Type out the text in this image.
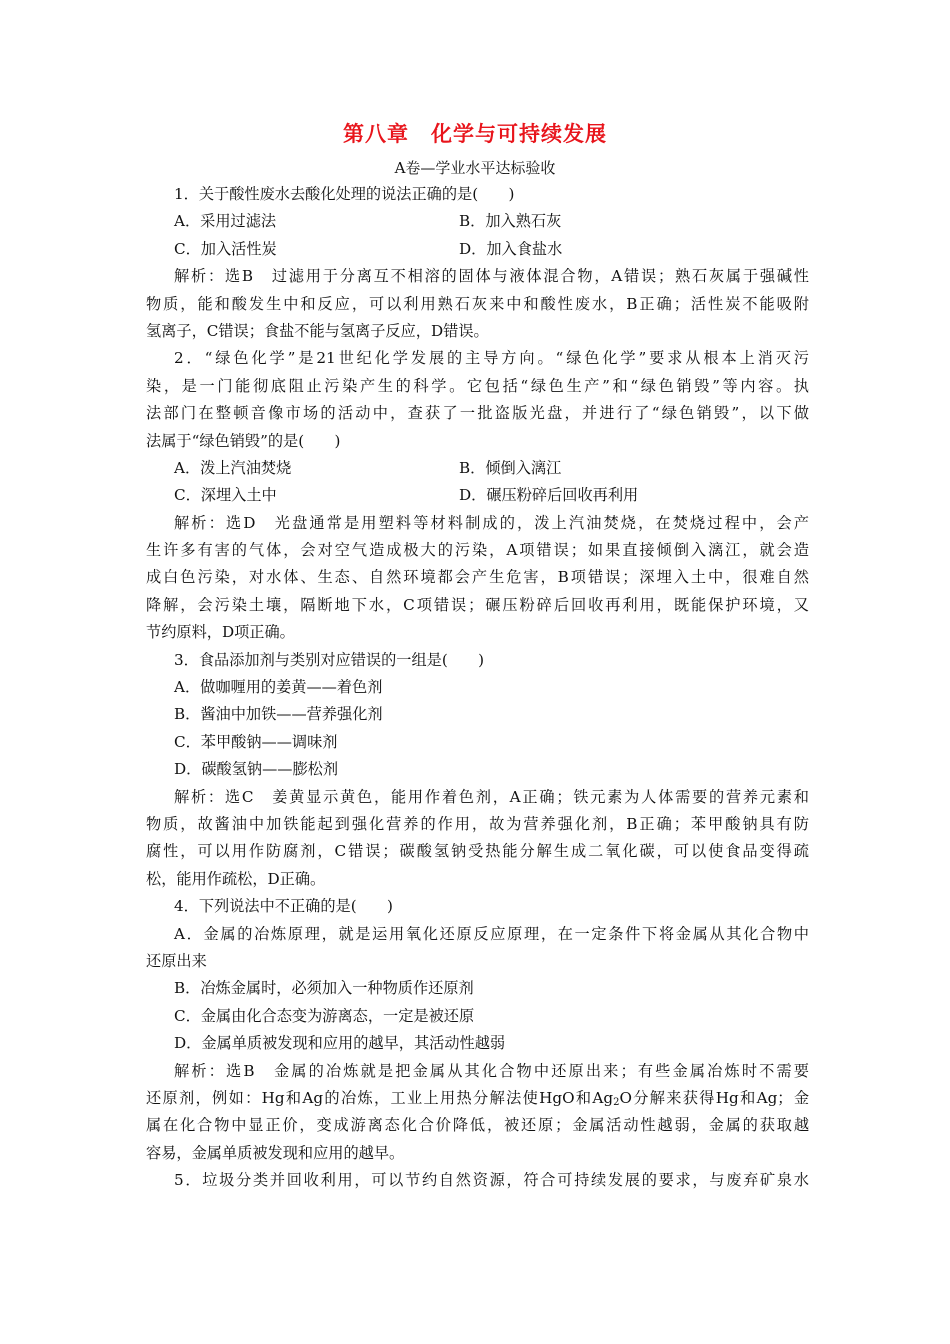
第八章　化学与可持续发展
A卷—学业水平达标验收
1．关于酸性废水去酸化处理的说法正确的是(　　)
A．采用过滤法	B．加入熟石灰
C．加入活性炭	D．加入食盐水
解析：选B　过滤用于分离互不相溶的固体与液体混合物，A错误；熟石灰属于强碱性
物质，能和酸发生中和反应，可以利用熟石灰来中和酸性废水，B正确；活性炭不能吸附
氢离子，C错误；食盐不能与氢离子反应，D错误。
2．“绿色化学”是21世纪化学发展的主导方向。“绿色化学”要求从根本上消灭污
染，是一门能彻底阻止污染产生的科学。它包括“绿色生产”和“绿色销毁”等内容。执
法部门在整顿音像市场的活动中，查获了一批盗版光盘，并进行了“绿色销毁”，以下做
法属于“绿色销毁”的是(　　)
A．泼上汽油焚烧	B．倾倒入漓江
C．深埋入土中	D．碾压粉碎后回收再利用
解析：选D　光盘通常是用塑料等材料制成的，泼上汽油焚烧，在焚烧过程中，会产
生许多有害的气体，会对空气造成极大的污染，A项错误；如果直接倾倒入漓江，就会造
成白色污染，对水体、生态、自然环境都会产生危害，B项错误；深埋入土中，很难自然
降解，会污染土壤，隔断地下水，C项错误；碾压粉碎后回收再利用，既能保护环境，又
节约原料，D项正确。
3．食品添加剂与类别对应错误的一组是(　　)
A．做咖喱用的姜黄——着色剂
B．酱油中加铁——营养强化剂
C．苯甲酸钠——调味剂
D．碳酸氢钠——膨松剂
解析：选C　姜黄显示黄色，能用作着色剂，A正确；铁元素为人体需要的营养元素和
物质，故酱油中加铁能起到强化营养的作用，故为营养强化剂，B正确；苯甲酸钠具有防
腐性，可以用作防腐剂，C错误；碳酸氢钠受热能分解生成二氧化碳，可以使食品变得疏
松，能用作疏松，D正确。
4．下列说法中不正确的是(　　)
A．金属的冶炼原理，就是运用氧化还原反应原理，在一定条件下将金属从其化合物中
还原出来
B．冶炼金属时，必须加入一种物质作还原剂
C．金属由化合态变为游离态，一定是被还原
D．金属单质被发现和应用的越早，其活动性越弱
解析：选B　金属的冶炼就是把金属从其化合物中还原出来；有些金属冶炼时不需要
还原剂，例如：Hg和Ag的冶炼，工业上用热分解法使HgO和$Ag_2O$分解来获得Hg和Ag；金
属在化合物中显正价，变成游离态化合价降低，被还原；金属活动性越弱，金属的获取越
容易，金属单质被发现和应用的越早。
5．垃圾分类并回收利用，可以节约自然资源，符合可持续发展的要求，与废弃矿泉水
